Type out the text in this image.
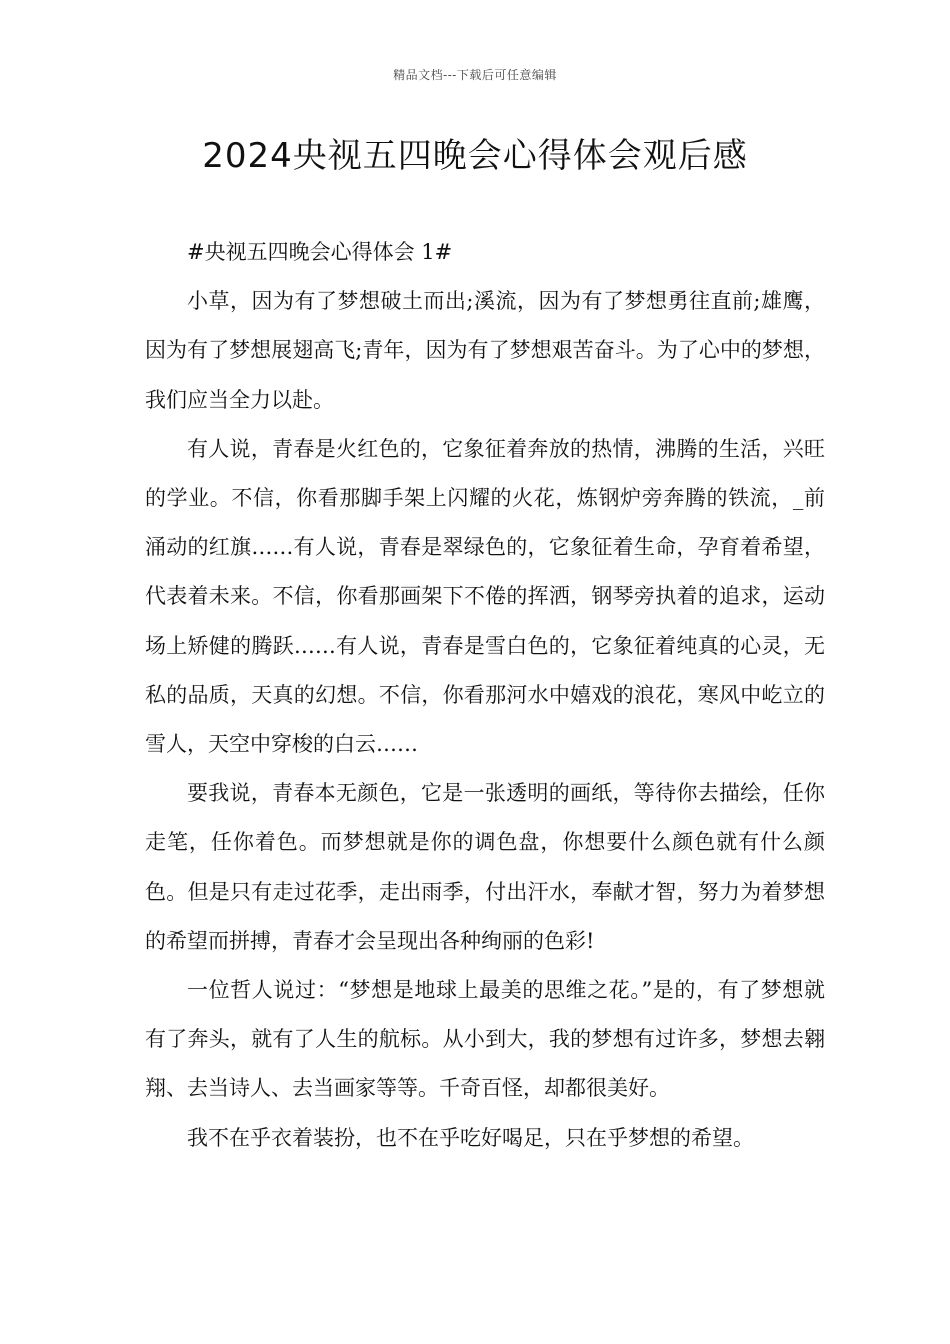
精品文档---下载后可任意编辑
2024央视五四晚会心得体会观后感

#央视五四晚会心得体会 1#

小草，因为有了梦想破土而出;溪流，因为有了梦想勇往直前;雄鹰，因为有了梦想展翅高飞;青年，因为有了梦想艰苦奋斗。为了心中的梦想，我们应当全力以赴。

有人说，青春是火红色的，它象征着奔放的热情，沸腾的生活，兴旺的学业。不信，你看那脚手架上闪耀的火花，炼钢炉旁奔腾的铁流，_前涌动的红旗……有人说，青春是翠绿色的，它象征着生命，孕育着希望，代表着未来。不信，你看那画架下不倦的挥洒，钢琴旁执着的追求，运动场上矫健的腾跃……有人说，青春是雪白色的，它象征着纯真的心灵，无私的品质，天真的幻想。不信，你看那河水中嬉戏的浪花，寒风中屹立的雪人，天空中穿梭的白云……

要我说，青春本无颜色，它是一张透明的画纸，等待你去描绘，任你走笔，任你着色。而梦想就是你的调色盘，你想要什么颜色就有什么颜色。但是只有走过花季，走出雨季，付出汗水，奉献才智，努力为着梦想的希望而拼搏，青春才会呈现出各种绚丽的色彩!

一位哲人说过：“梦想是地球上最美的思维之花。”是的，有了梦想就有了奔头，就有了人生的航标。从小到大，我的梦想有过许多，梦想去翱翔、去当诗人、去当画家等等。千奇百怪，却都很美好。

我不在乎衣着装扮，也不在乎吃好喝足，只在乎梦想的希望。
